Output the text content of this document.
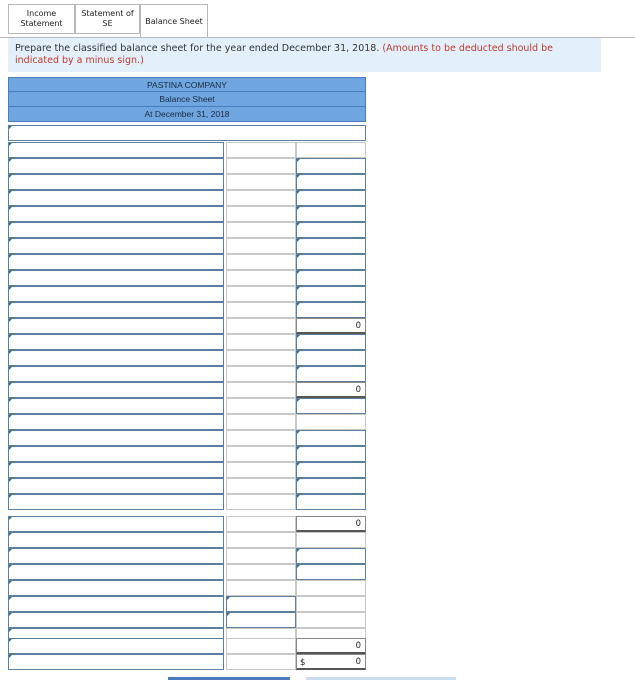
Income
Statement
Statement of
SE	Balance Sheet
Prepare the classified balance sheet for the year ended December 31, 2018. (Amounts to be deducted should be indicated by a minus sign.)
PASTINA COMPANY
Balance Sheet
At December 31, 2018
0
0
0
0
$	0
